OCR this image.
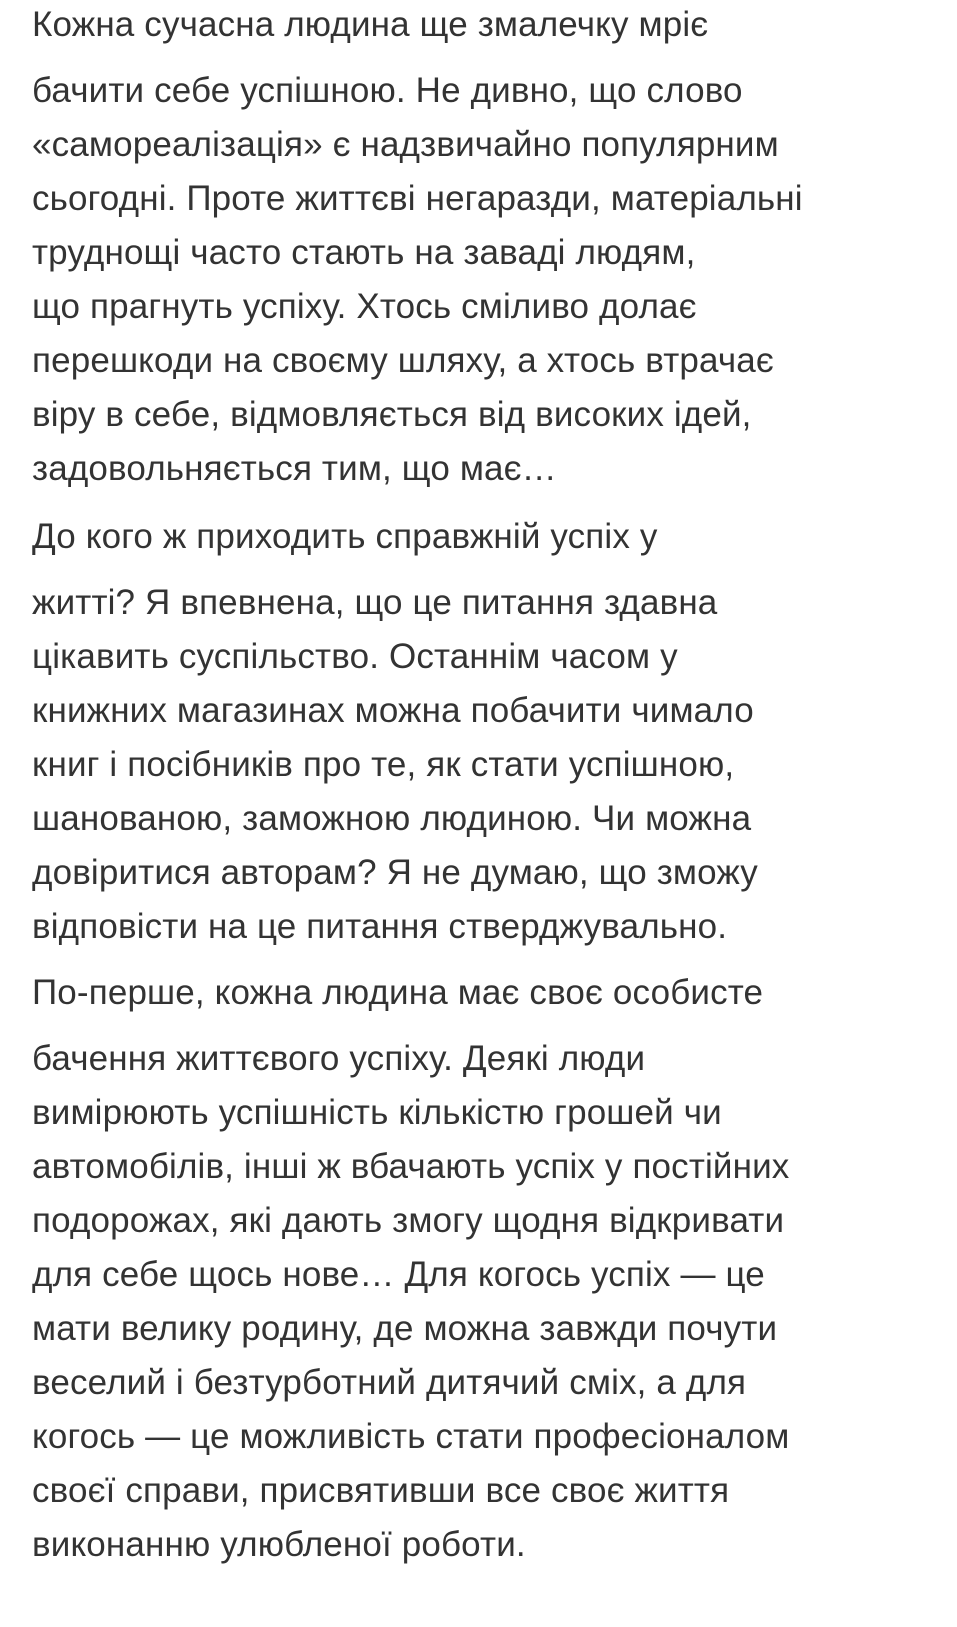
Кожна сучасна людина ще змалечку мріє
бачити себе успішною. Не дивно, що слово
«самореалізація» є надзвичайно популярним
сьогодні. Проте життєві негаразди, матеріальні
труднощі часто стають на заваді людям,
що прагнуть успіху. Хтось сміливо долає
перешкоди на своєму шляху, а хтось втрачає
віру в себе, відмовляється від високих ідей,
задовольняється тим, що має…
До кого ж приходить справжній успіх у
житті? Я впевнена, що це питання здавна
цікавить суспільство. Останнім часом у
книжних магазинах можна побачити чимало
книг і посібників про те, як стати успішною,
шанованою, заможною людиною. Чи можна
довіритися авторам? Я не думаю, що зможу
відповісти на це питання стверджувально.
По-перше, кожна людина має своє особисте
бачення життєвого успіху. Деякі люди
вимірюють успішність кількістю грошей чи
автомобілів, інші ж вбачають успіх у постійних
подорожах, які дають змогу щодня відкривати
для себе щось нове… Для когось успіх — це
мати велику родину, де можна завжди почути
веселий і безтурботний дитячий сміх, а для
когось — це можливість стати професіоналом
своєї справи, присвятивши все своє життя
виконанню улюбленої роботи.
